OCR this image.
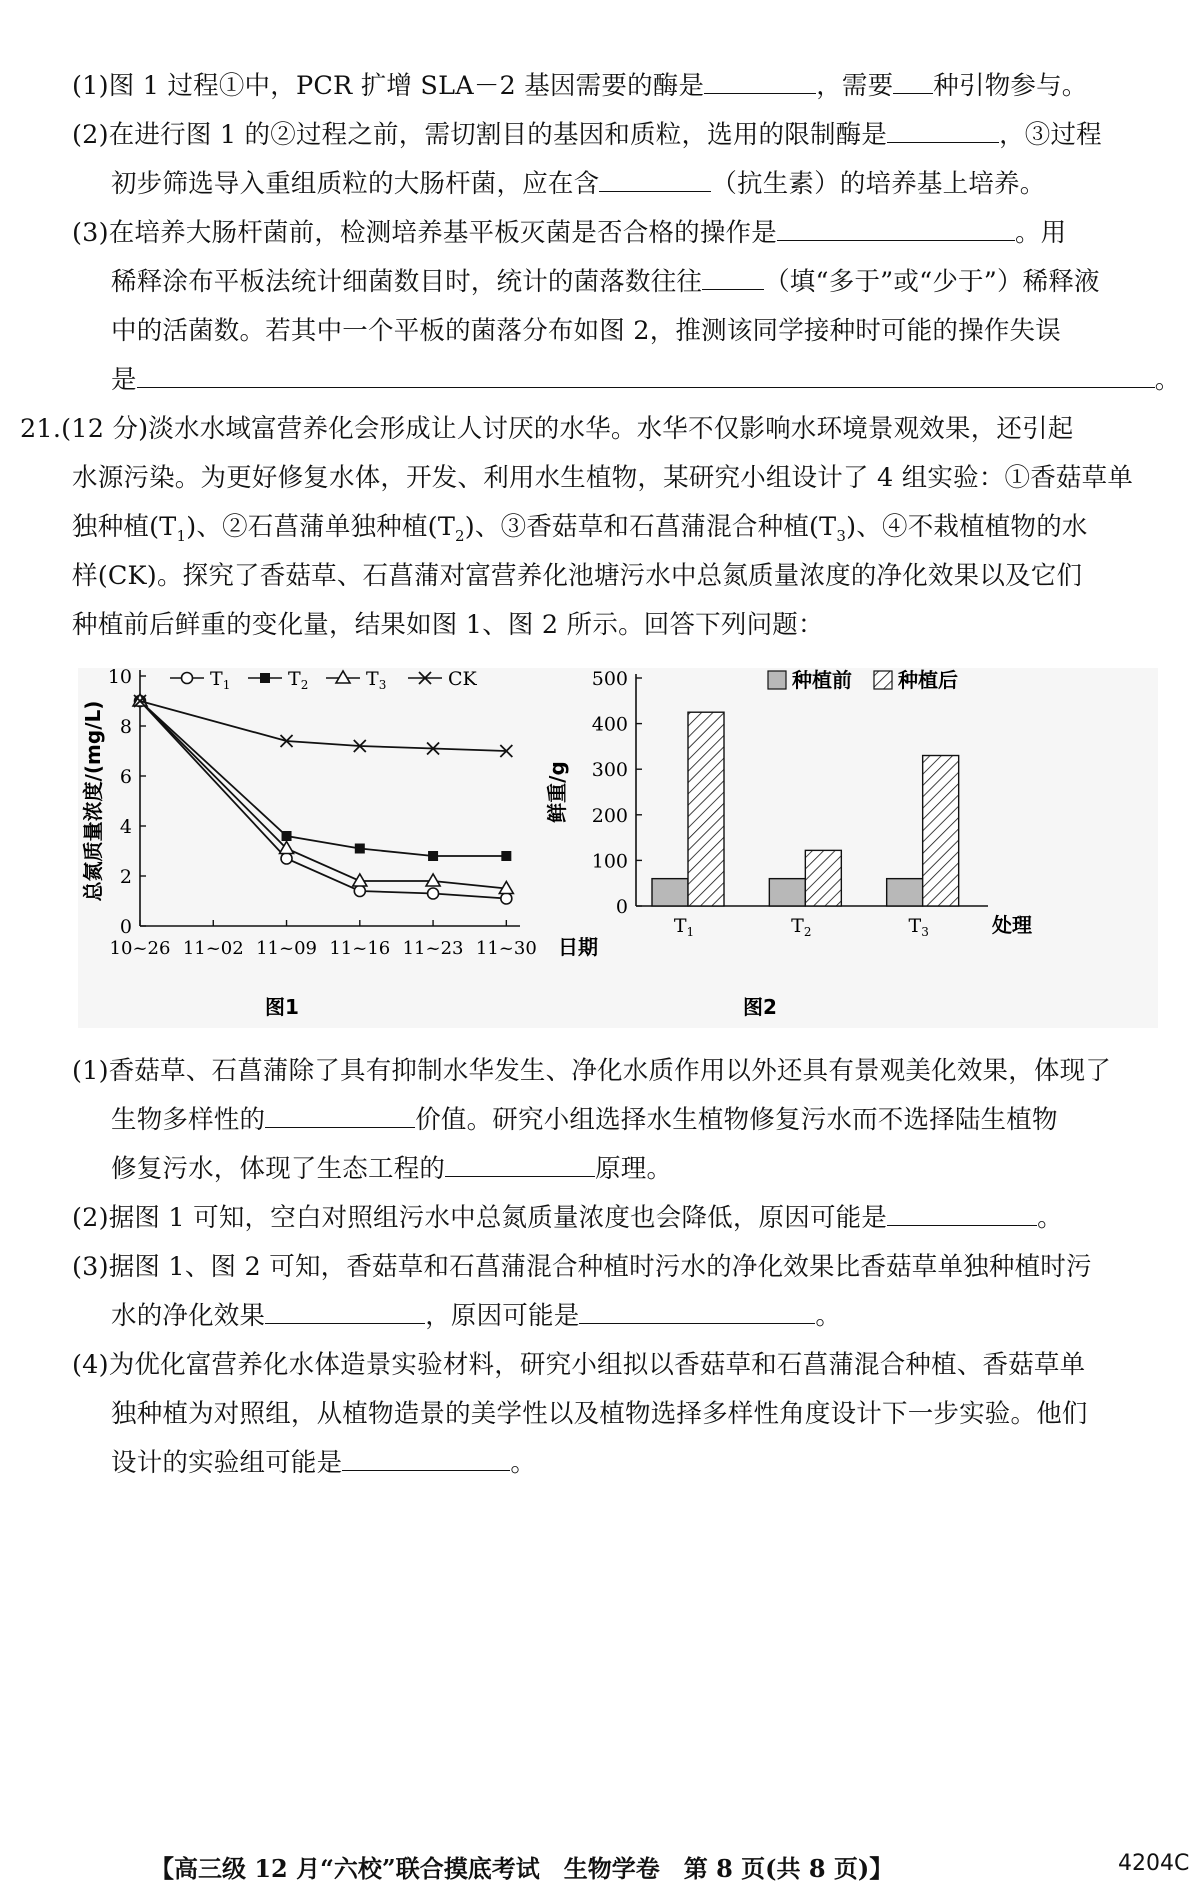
(1)图 1 过程①中，PCR 扩增 SLA－2 基因需要的酶是	，需要 种引物参与。

(2)在进行图 1 的②过程之前，需切割目的基因和质粒，选用的限制酶是	，③过程

初步筛选导入重组质粒的大肠杆菌，应在含	（抗生素）的培养基上培养。

(3)在培养大肠杆菌前，检测培养基平板灭菌是否合格的操作是	。用

稀释涂布平板法统计细菌数目时，统计的菌落数往往 （填“多于”或“少于”）稀释液

中的活菌数。若其中一个平板的菌落分布如图 2，推测该同学接种时可能的操作失误

是	。

21.(12 分)淡水水域富营养化会形成让人讨厌的水华。水华不仅影响水环境景观效果，还引起

水源污染。为更好修复水体，开发、利用水生植物，某研究小组设计了 4 组实验：①香菇草单

独种植$(T_1)$、②石菖蒲单独种植$(T_2)$、③香菇草和石菖蒲混合种植$(T_3)$、④不栽植植物的水

样(CK)。探究了香菇草、石菖蒲对富营养化池塘污水中总氮质量浓度的净化效果以及它们

种植前后鲜重的变化量，结果如图 1、图 2 所示。回答下列问题：

0
2
4
6
8
10
10~26 11~02 11~09 11~16 11~23 11~30 日期
总氮质量浓度/(mg/L)
$T_1$	$T_2$	$T_3$	CK
图1
0
100
200
300
400
500
$T_1$	$T_2$	$T_3$	处理
鲜重/g
种植前 种植后
图2

(1)香菇草、石菖蒲除了具有抑制水华发生、净化水质作用以外还具有景观美化效果，体现了

生物多样性的	价值。研究小组选择水生植物修复污水而不选择陆生植物

修复污水，体现了生态工程的	原理。

(2)据图 1 可知，空白对照组污水中总氮质量浓度也会降低，原因可能是	。

(3)据图 1、图 2 可知，香菇草和石菖蒲混合种植时污水的净化效果比香菇草单独种植时污

水的净化效果	，原因可能是	。

(4)为优化富营养化水体造景实验材料，研究小组拟以香菇草和石菖蒲混合种植、香菇草单

独种植为对照组，从植物造景的美学性以及植物选择多样性角度设计下一步实验。他们

设计的实验组可能是	。

【高三级 12 月“六校”联合摸底考试　生物学卷　第 8 页(共 8 页)】	4204C
